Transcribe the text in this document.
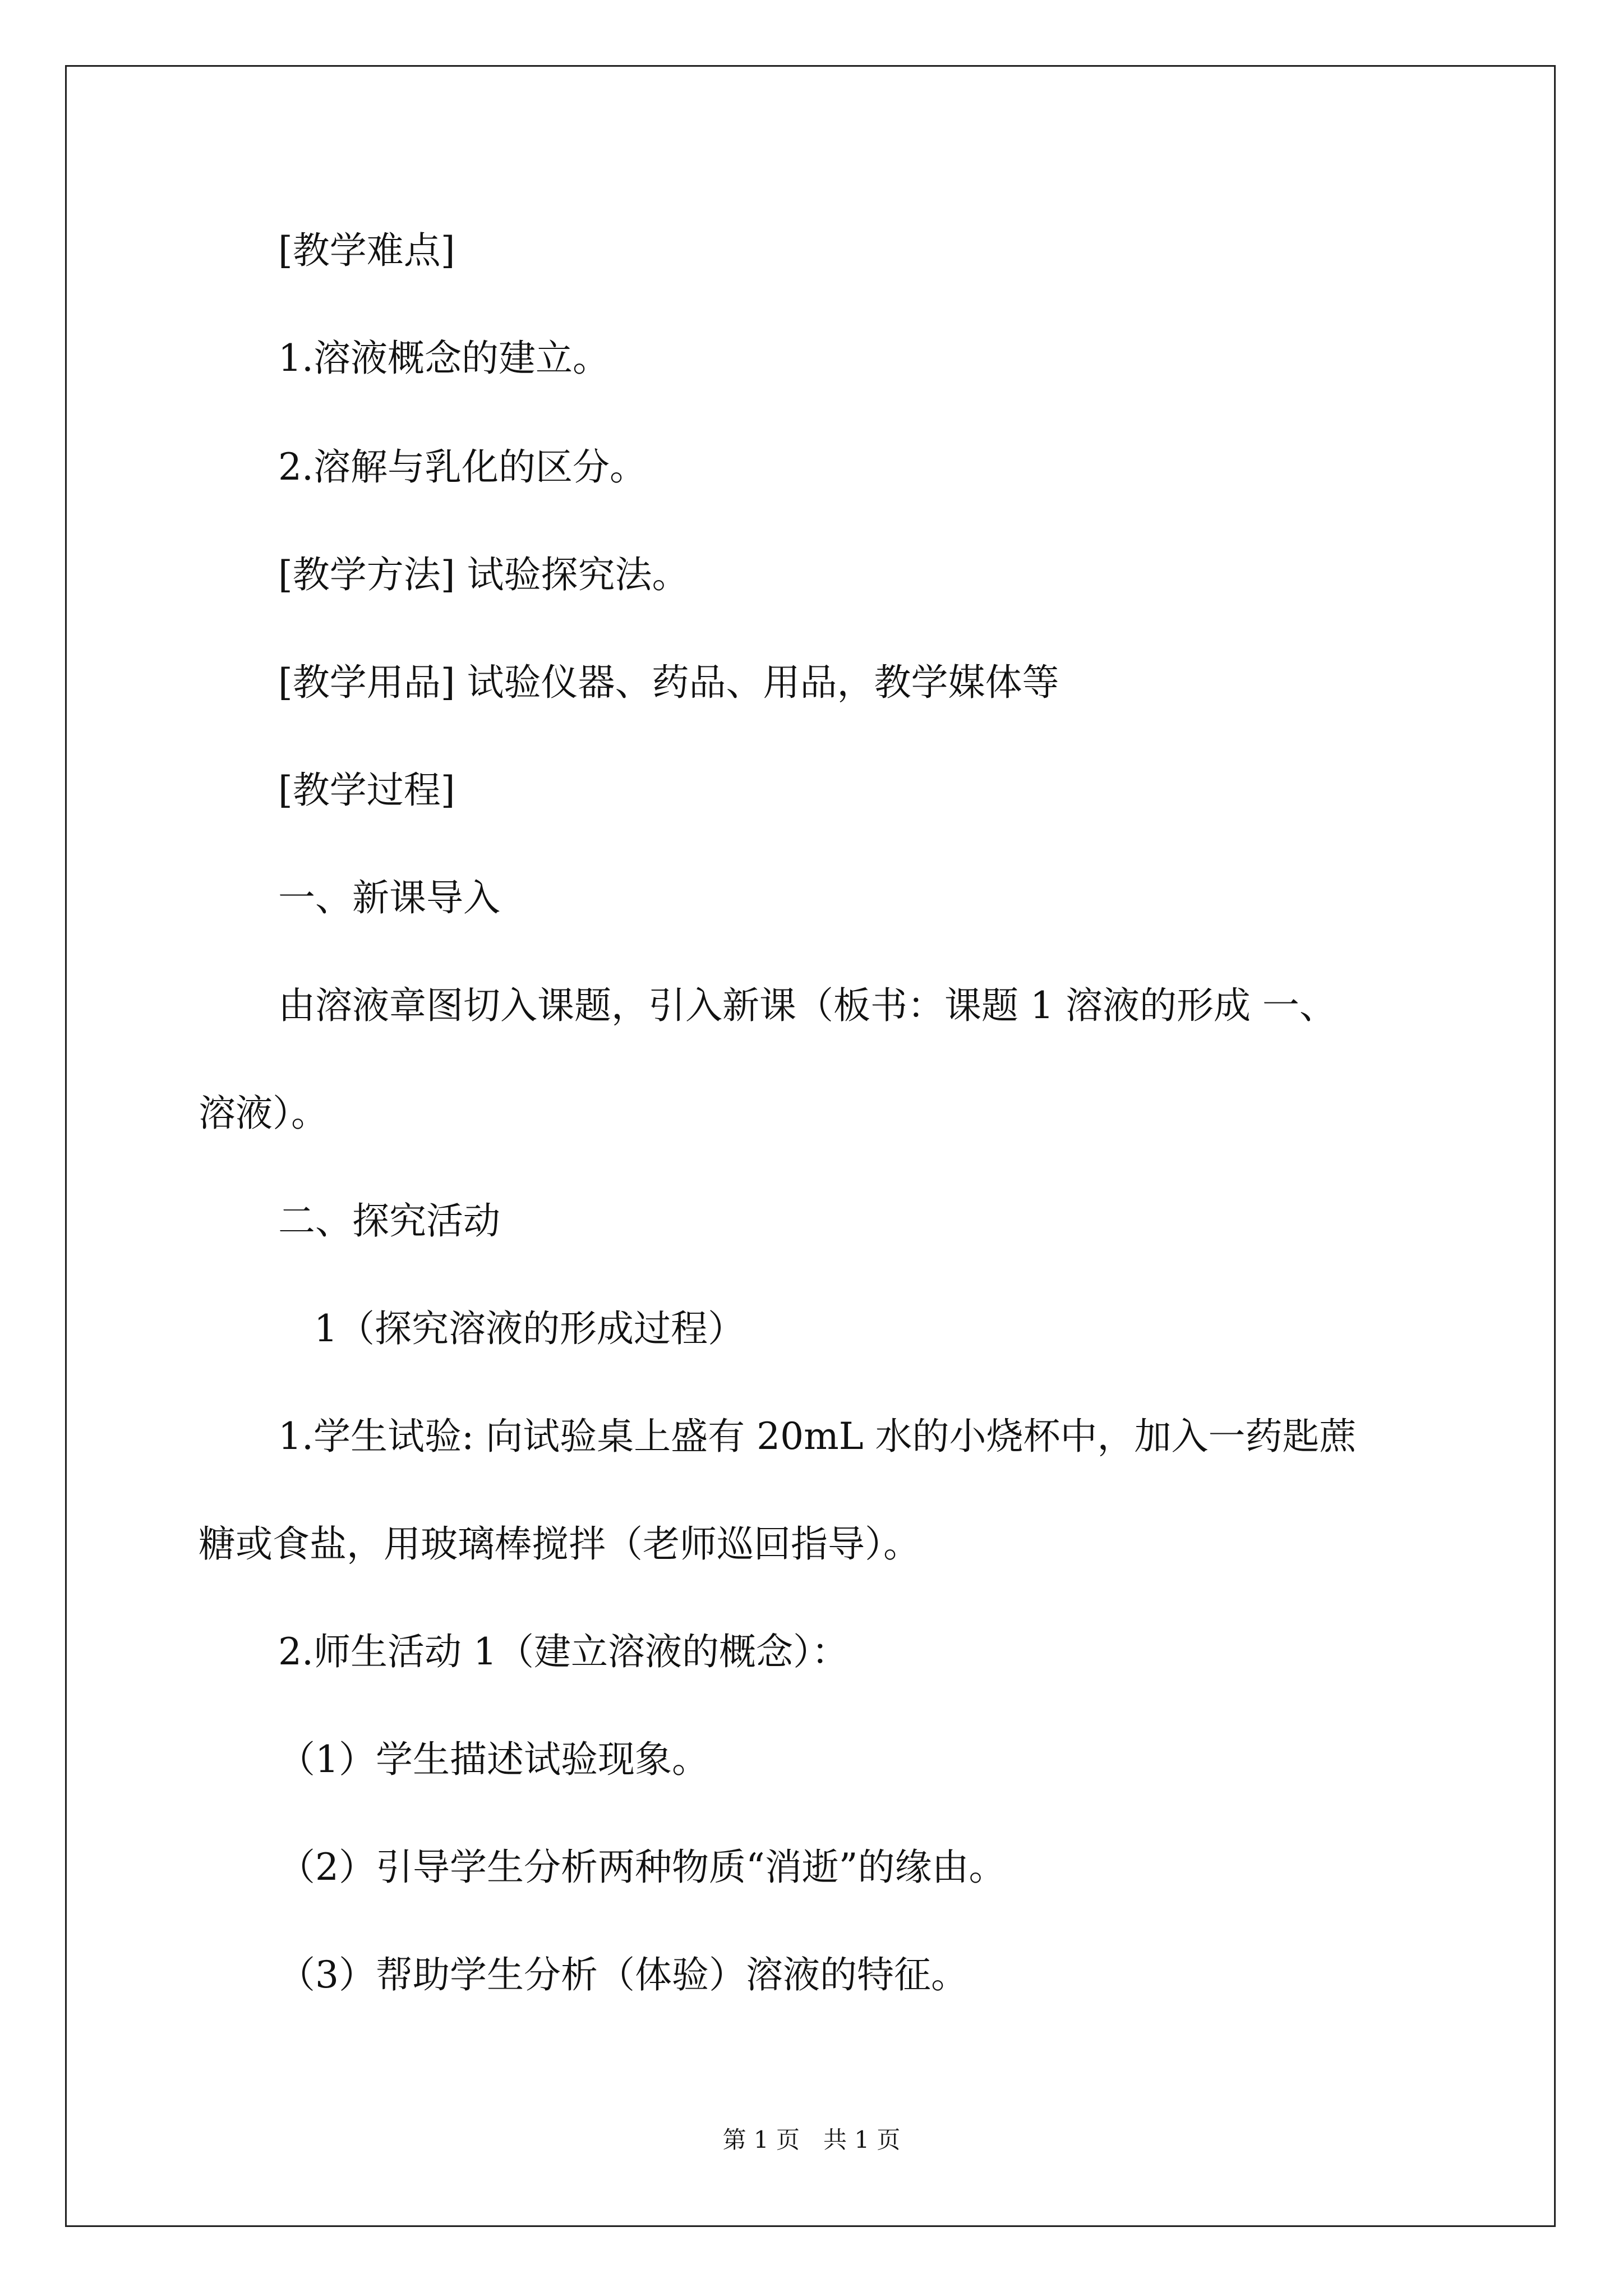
[教学难点]
1.溶液概念的建立。
2.溶解与乳化的区分。
[教学方法] 试验探究法。
[教学用品] 试验仪器、药品、用品，教学媒体等
[教学过程]
一、新课导入
由溶液章图切入课题，引入新课（板书：课题 1 溶液的形成 一、
溶液）。
二、探究活动
1（探究溶液的形成过程）
1.学生试验: 向试验桌上盛有 20mL 水的小烧杯中，加入一药匙蔗
糖或食盐，用玻璃棒搅拌（老师巡回指导）。
2.师生活动 1（建立溶液的概念）：
（1）学生描述试验现象。
（2）引导学生分析两种物质“消逝”的缘由。
（3）帮助学生分析（体验）溶液的特征。
第 1 页　共 1 页
